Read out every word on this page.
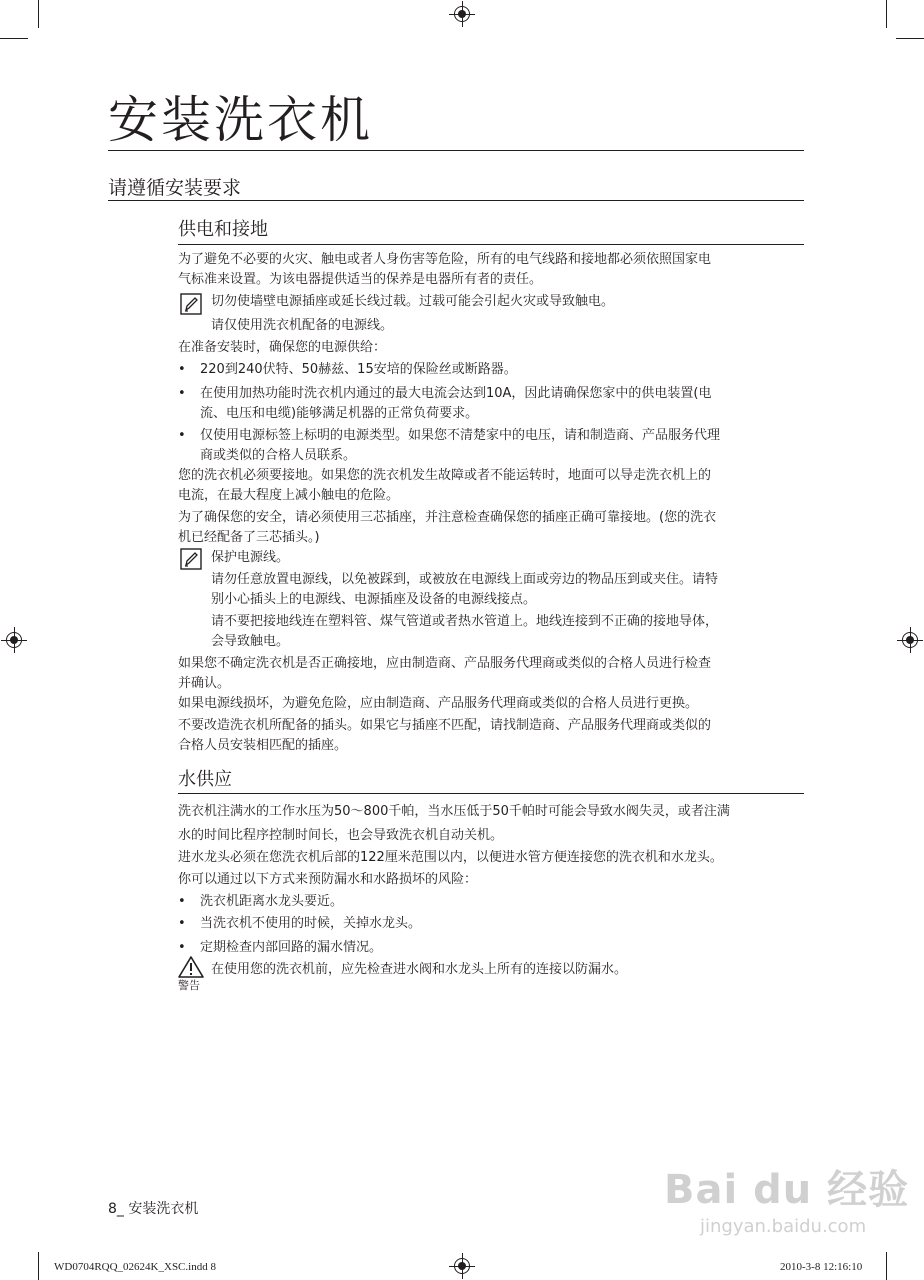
安装洗衣机
请遵循安装要求
供电和接地
为了避免不必要的火灾、触电或者人身伤害等危险，所有的电气线路和接地都必须依照国家电
气标准来设置。为该电器提供适当的保养是电器所有者的责任。
切勿使墙壁电源插座或延长线过载。过载可能会引起火灾或导致触电。
请仅使用洗衣机配备的电源线。
在准备安装时，确保您的电源供给：
• 220到240伏特、50赫兹、15安培的保险丝或断路器。
• 在使用加热功能时洗衣机内通过的最大电流会达到10A，因此请确保您家中的供电装置(电
流、电压和电缆)能够满足机器的正常负荷要求。
• 仅使用电源标签上标明的电源类型。如果您不清楚家中的电压，请和制造商、产品服务代理
商或类似的合格人员联系。
您的洗衣机必须要接地。如果您的洗衣机发生故障或者不能运转时，地面可以导走洗衣机上的
电流，在最大程度上减小触电的危险。
为了确保您的安全，请必须使用三芯插座，并注意检查确保您的插座正确可靠接地。(您的洗衣
机已经配备了三芯插头。)
保护电源线。
请勿任意放置电源线，以免被踩到，或被放在电源线上面或旁边的物品压到或夹住。请特
别小心插头上的电源线、电源插座及设备的电源线接点。
请不要把接地线连在塑料管、煤气管道或者热水管道上。地线连接到不正确的接地导体，
会导致触电。
如果您不确定洗衣机是否正确接地，应由制造商、产品服务代理商或类似的合格人员进行检查
并确认。
如果电源线损坏，为避免危险，应由制造商、产品服务代理商或类似的合格人员进行更换。
不要改造洗衣机所配备的插头。如果它与插座不匹配，请找制造商、产品服务代理商或类似的
合格人员安装相匹配的插座。
水供应
洗衣机注满水的工作水压为50～800千帕，当水压低于50千帕时可能会导致水阀失灵，或者注满
水的时间比程序控制时间长，也会导致洗衣机自动关机。
进水龙头必须在您洗衣机后部的122厘米范围以内，以便进水管方便连接您的洗衣机和水龙头。
你可以通过以下方式来预防漏水和水路损坏的风险：
• 洗衣机距离水龙头要近。
• 当洗衣机不使用的时候，关掉水龙头。
• 定期检查内部回路的漏水情况。
警告
在使用您的洗衣机前，应先检查进水阀和水龙头上所有的连接以防漏水。
8_ 安装洗衣机
WD0704RQQ_02624K_XSC.indd 8	2010-3-8 12:16:10
Bai du 经验
jingyan.baidu.com
